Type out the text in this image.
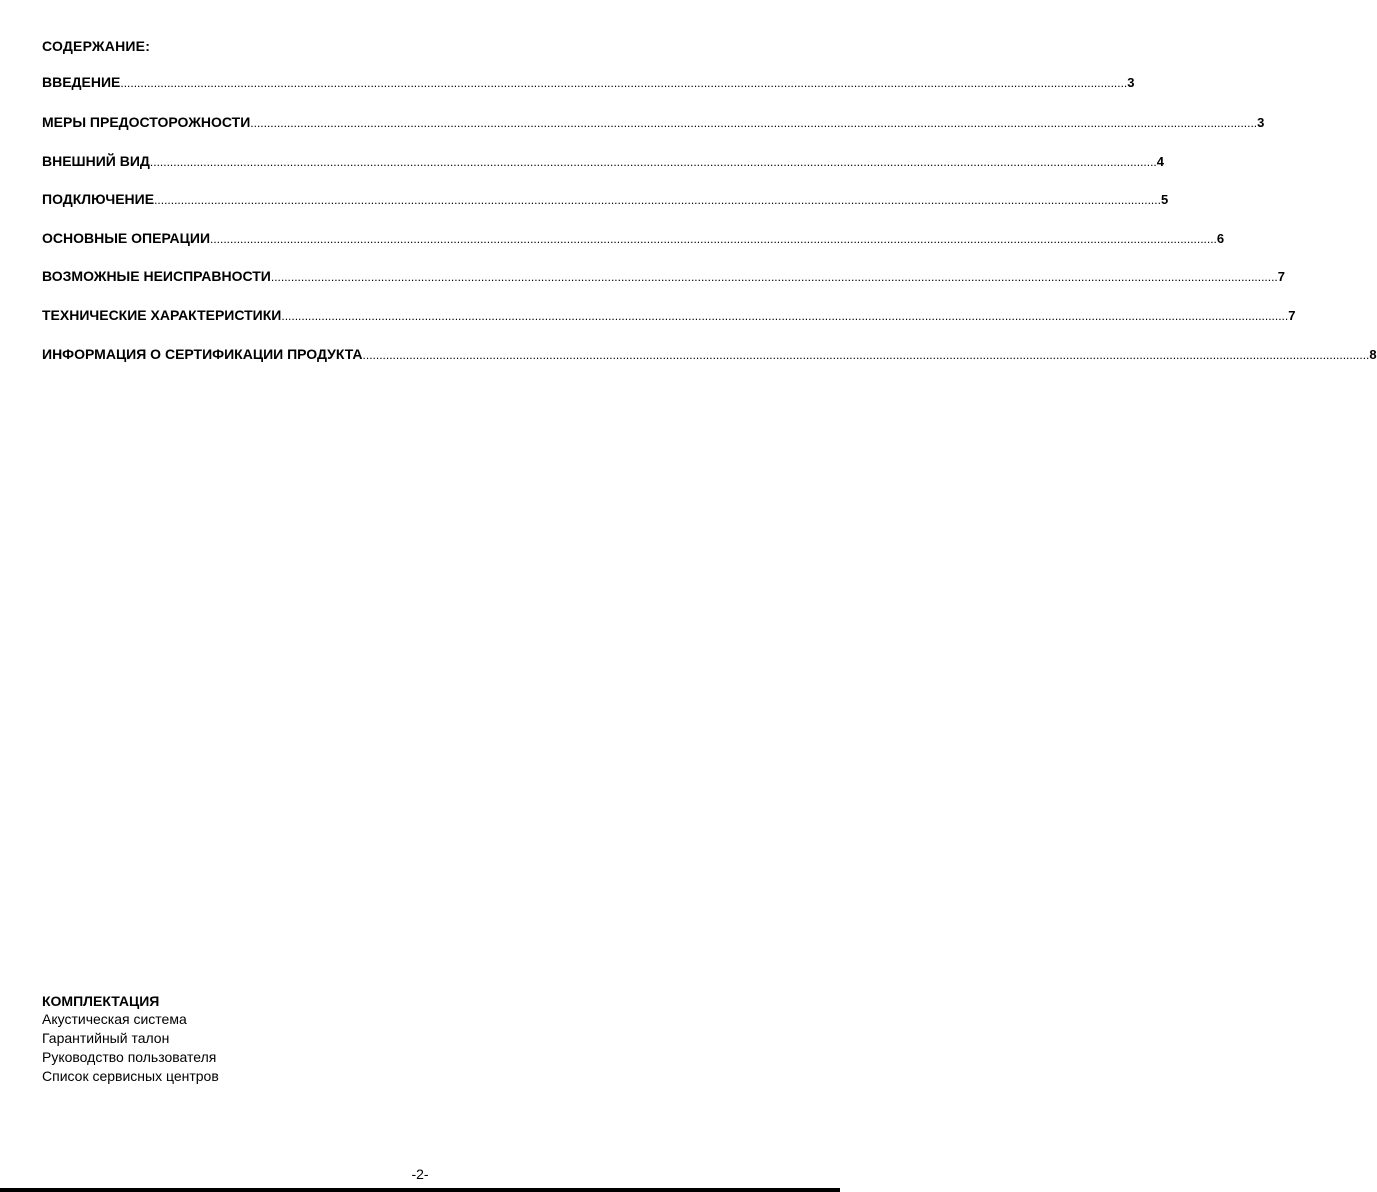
СОДЕРЖАНИЕ:
ВВЕДЕНИЕ .....	3
МЕРЫ ПРЕДОСТОРОЖНОСТИ .....	3
ВНЕШНИЙ ВИД .....	4
ПОДКЛЮЧЕНИЕ .....	5
ОСНОВНЫЕ ОПЕРАЦИИ .....	6
ВОЗМОЖНЫЕ НЕИСПРАВНОСТИ .....	7
ТЕХНИЧЕСКИЕ ХАРАКТЕРИСТИКИ .....	7
ИНФОРМАЦИЯ О СЕРТИФИКАЦИИ ПРОДУКТА .....	8
КОМПЛЕКТАЦИЯ
Акустическая система
Гарантийный талон
Руководство пользователя
Список сервисных центров
-2-
